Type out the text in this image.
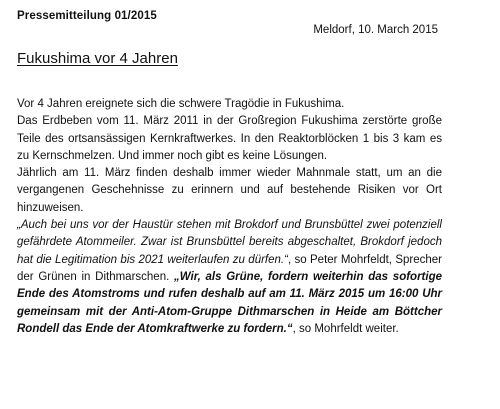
Pressemitteilung 01/2015
Meldorf, 10. March 2015
Fukushima vor 4 Jahren

Vor 4 Jahren ereignete sich die schwere Tragödie in Fukushima.

Das Erdbeben vom 11. März 2011 in der Großregion Fukushima zerstörte große Teile des ortsansässigen Kernkraftwerkes. In den Reaktorblöcken 1 bis 3 kam es zu Kernschmelzen. Und immer noch gibt es keine Lösungen.

Jährlich am 11. März finden deshalb immer wieder Mahnmale statt, um an die vergangenen Geschehnisse zu erinnern und auf bestehende Risiken vor Ort hinzuweisen.

„Auch bei uns vor der Haustür stehen mit Brokdorf und Brunsbüttel zwei potenziell gefährdete Atommeiler. Zwar ist Brunsbüttel bereits abgeschaltet, Brokdorf jedoch hat die Legitimation bis 2021 weiterlaufen zu dürfen.“, so Peter Mohrfeldt, Sprecher der Grünen in Dithmarschen. „Wir, als Grüne, fordern weiterhin das sofortige Ende des Atomstroms und rufen deshalb auf am 11. März 2015 um 16:00 Uhr gemeinsam mit der Anti-Atom-Gruppe Dithmarschen in Heide am Böttcher Rondell das Ende der Atomkraftwerke zu fordern.“, so Mohrfeldt weiter.
